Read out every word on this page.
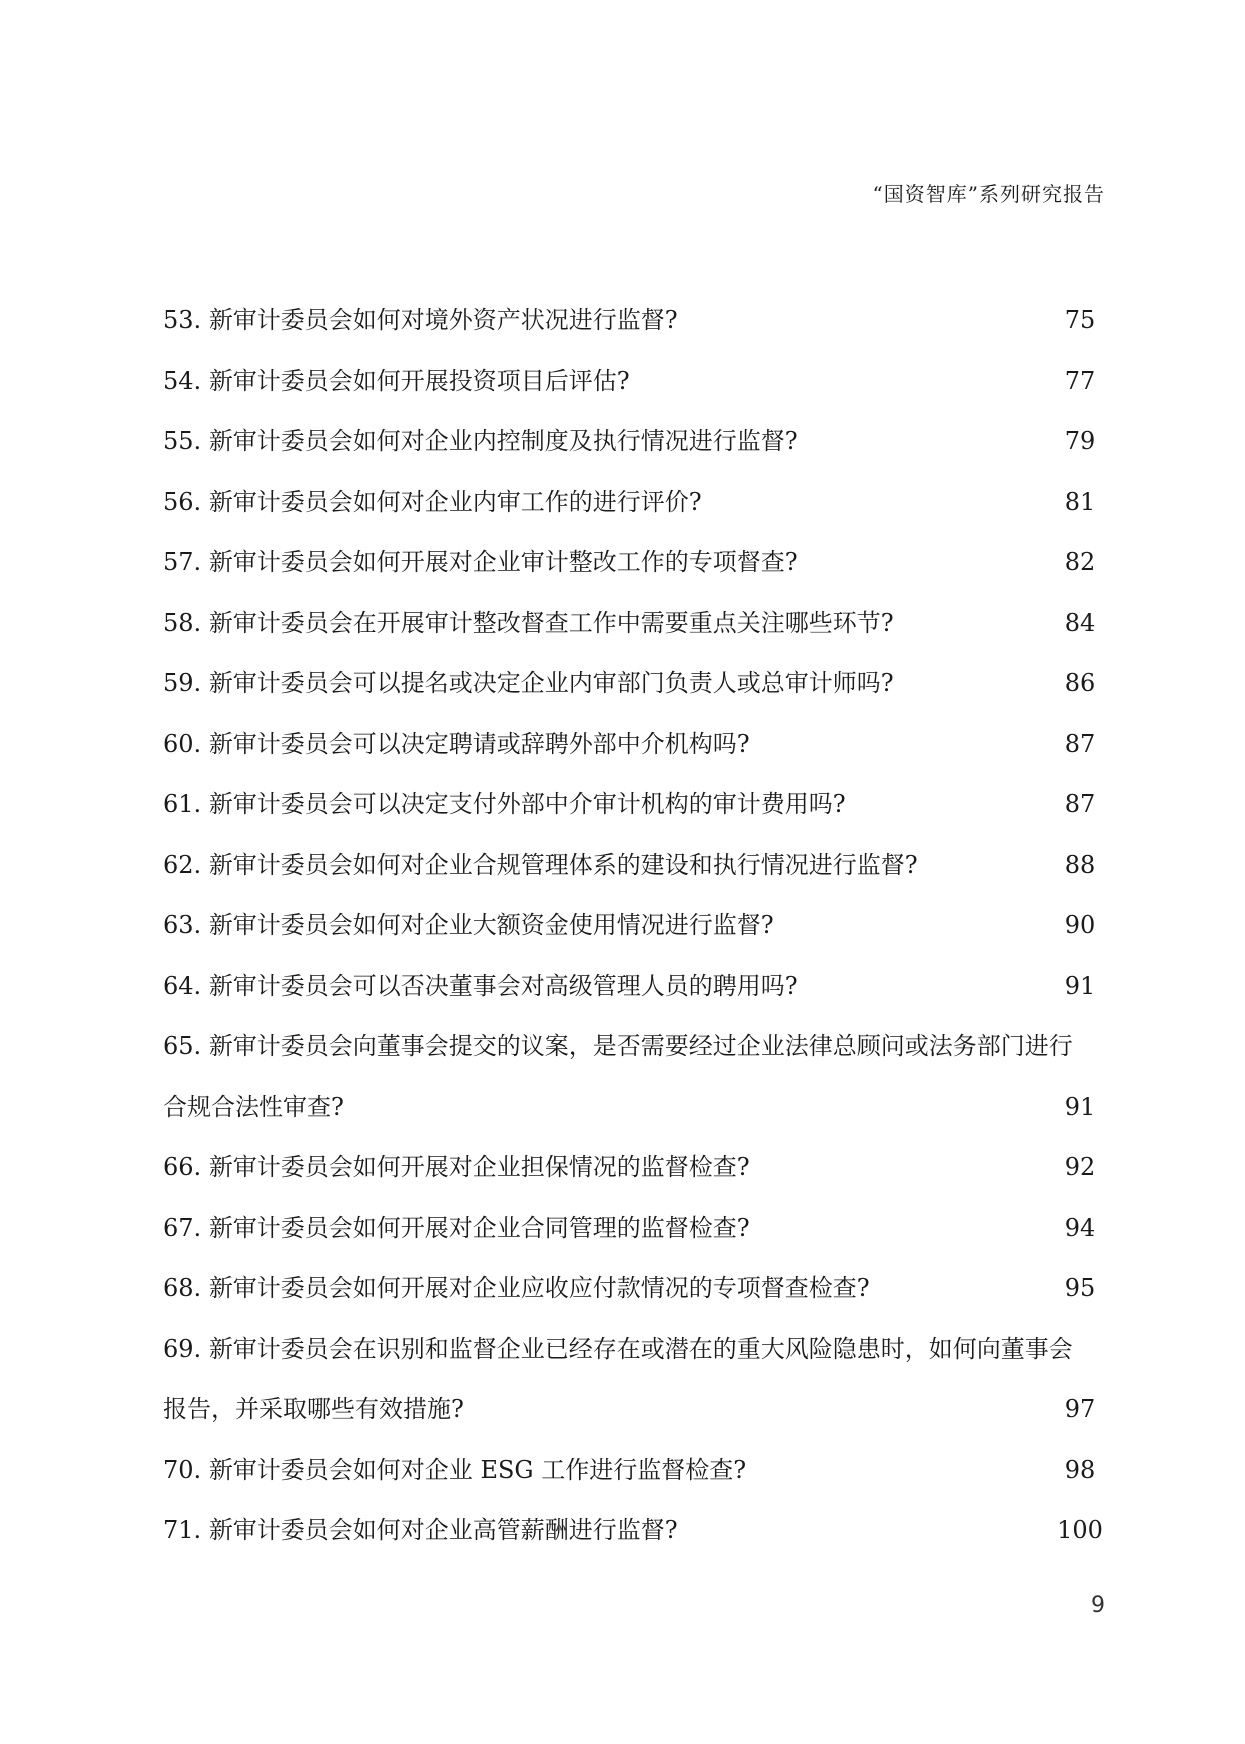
“国资智库”系列研究报告
53. 新审计委员会如何对境外资产状况进行监督?	75
54. 新审计委员会如何开展投资项目后评估?	77
55. 新审计委员会如何对企业内控制度及执行情况进行监督?	79
56. 新审计委员会如何对企业内审工作的进行评价?	81
57. 新审计委员会如何开展对企业审计整改工作的专项督查?	82
58. 新审计委员会在开展审计整改督查工作中需要重点关注哪些环节?	84
59. 新审计委员会可以提名或决定企业内审部门负责人或总审计师吗?	86
60. 新审计委员会可以决定聘请或辞聘外部中介机构吗?	87
61. 新审计委员会可以决定支付外部中介审计机构的审计费用吗?	87
62. 新审计委员会如何对企业合规管理体系的建设和执行情况进行监督?	88
63. 新审计委员会如何对企业大额资金使用情况进行监督?	90
64. 新审计委员会可以否决董事会对高级管理人员的聘用吗?	91
65. 新审计委员会向董事会提交的议案，是否需要经过企业法律总顾问或法务部门进行
合规合法性审查?	91
66. 新审计委员会如何开展对企业担保情况的监督检查?	92
67. 新审计委员会如何开展对企业合同管理的监督检查?	94
68. 新审计委员会如何开展对企业应收应付款情况的专项督查检查?	95
69. 新审计委员会在识别和监督企业已经存在或潜在的重大风险隐患时，如何向董事会
报告，并采取哪些有效措施?	97
70. 新审计委员会如何对企业 ESG 工作进行监督检查?	98
71. 新审计委员会如何对企业高管薪酬进行监督?	100
9
